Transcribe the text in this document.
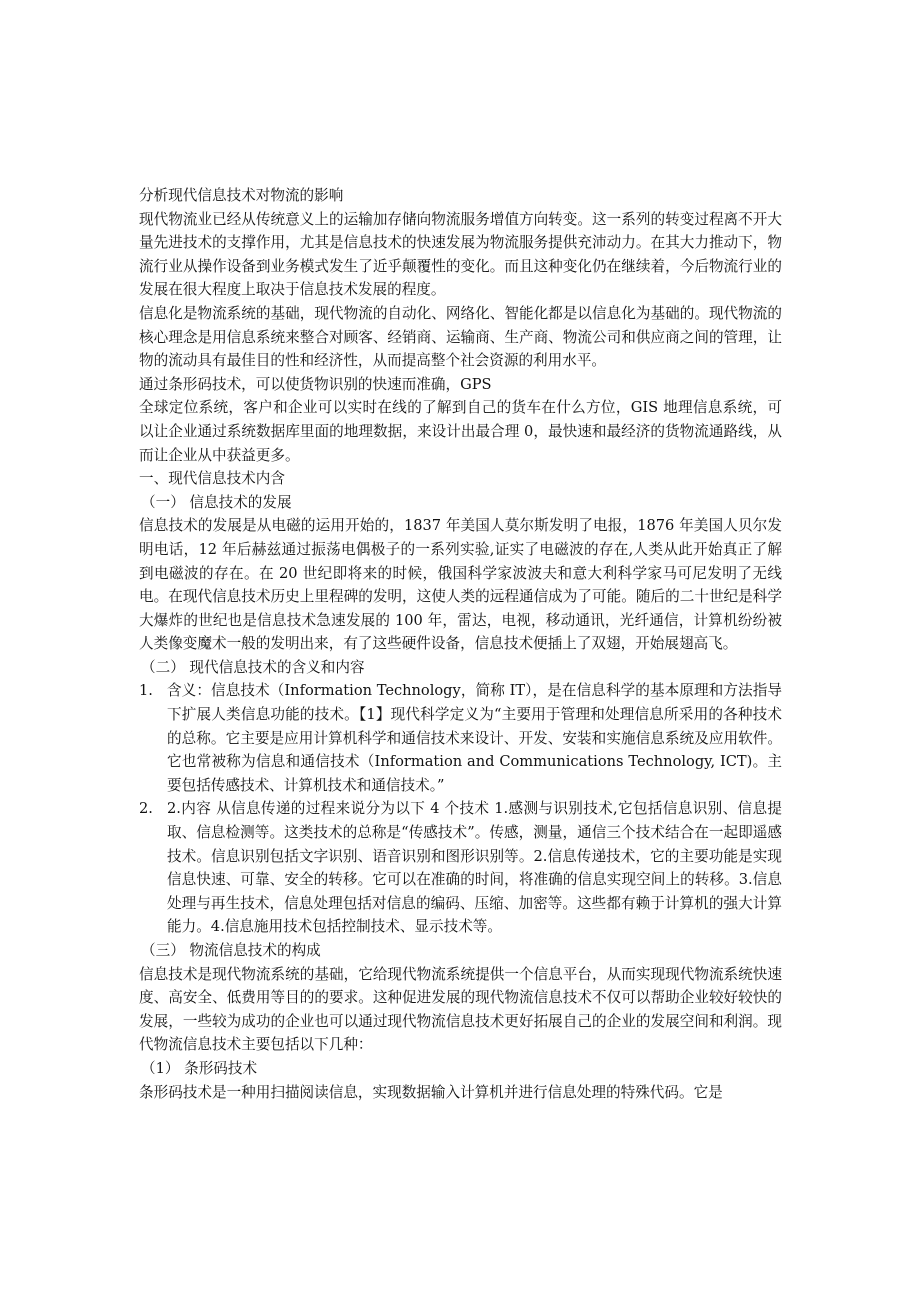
分析现代信息技术对物流的影响

现代物流业已经从传统意义上的运输加存储向物流服务增值方向转变。这一系列的转变过程离不开大量先进技术的支撑作用，尤其是信息技术的快速发展为物流服务提供充沛动力。在其大力推动下，物流行业从操作设备到业务模式发生了近乎颠覆性的变化。而且这种变化仍在继续着，今后物流行业的发展在很大程度上取决于信息技术发展的程度。

信息化是物流系统的基础，现代物流的自动化、网络化、智能化都是以信息化为基础的。现代物流的核心理念是用信息系统来整合对顾客、经销商、运输商、生产商、物流公司和供应商之间的管理，让物的流动具有最佳目的性和经济性，从而提高整个社会资源的利用水平。

通过条形码技术，可以使货物识别的快速而准确，GPS

全球定位系统，客户和企业可以实时在线的了解到自己的货车在什么方位，GIS 地理信息系统，可以让企业通过系统数据库里面的地理数据，来设计出最合理 0，最快速和最经济的货物流通路线，从而让企业从中获益更多。

一、现代信息技术内含

（一） 信息技术的发展

信息技术的发展是从电磁的运用开始的，1837 年美国人莫尔斯发明了电报，1876 年美国人贝尔发明电话，12 年后赫兹通过振荡电偶极子的一系列实验,证实了电磁波的存在,人类从此开始真正了解到电磁波的存在。在 20 世纪即将来的时候，俄国科学家波波夫和意大利科学家马可尼发明了无线电。在现代信息技术历史上里程碑的发明，这使人类的远程通信成为了可能。随后的二十世纪是科学大爆炸的世纪也是信息技术急速发展的 100 年，雷达，电视，移动通讯，光纤通信，计算机纷纷被人类像变魔术一般的发明出来，有了这些硬件设备，信息技术便插上了双翅，开始展翅高飞。

（二） 现代信息技术的含义和内容

1. 含义：信息技术（Information Technology，简称 IT），是在信息科学的基本原理和方法指导下扩展人类信息功能的技术。【1】现代科学定义为“主要用于管理和处理信息所采用的各种技术的总称。它主要是应用计算机科学和通信技术来设计、开发、安装和实施信息系统及应用软件。它也常被称为信息和通信技术（Information and Communications Technology, ICT)。主要包括传感技术、计算机技术和通信技术。”
2. 2.内容 从信息传递的过程来说分为以下 4 个技术 1.感测与识别技术,它包括信息识别、信息提取、信息检测等。这类技术的总称是“传感技术”。传感，测量，通信三个技术结合在一起即遥感技术。信息识别包括文字识别、语音识别和图形识别等。2.信息传递技术，它的主要功能是实现信息快速、可靠、安全的转移。它可以在准确的时间，将准确的信息实现空间上的转移。3.信息处理与再生技术，信息处理包括对信息的编码、压缩、加密等。这些都有赖于计算机的强大计算能力。4.信息施用技术包括控制技术、显示技术等。

（三） 物流信息技术的构成

信息技术是现代物流系统的基础，它给现代物流系统提供一个信息平台，从而实现现代物流系统快速度、高安全、低费用等目的的要求。这种促进发展的现代物流信息技术不仅可以帮助企业较好较快的发展，一些较为成功的企业也可以通过现代物流信息技术更好拓展自己的企业的发展空间和利润。现代物流信息技术主要包括以下几种：

（1） 条形码技术

条形码技术是一种用扫描阅读信息，实现数据输入计算机并进行信息处理的特殊代码。它是
